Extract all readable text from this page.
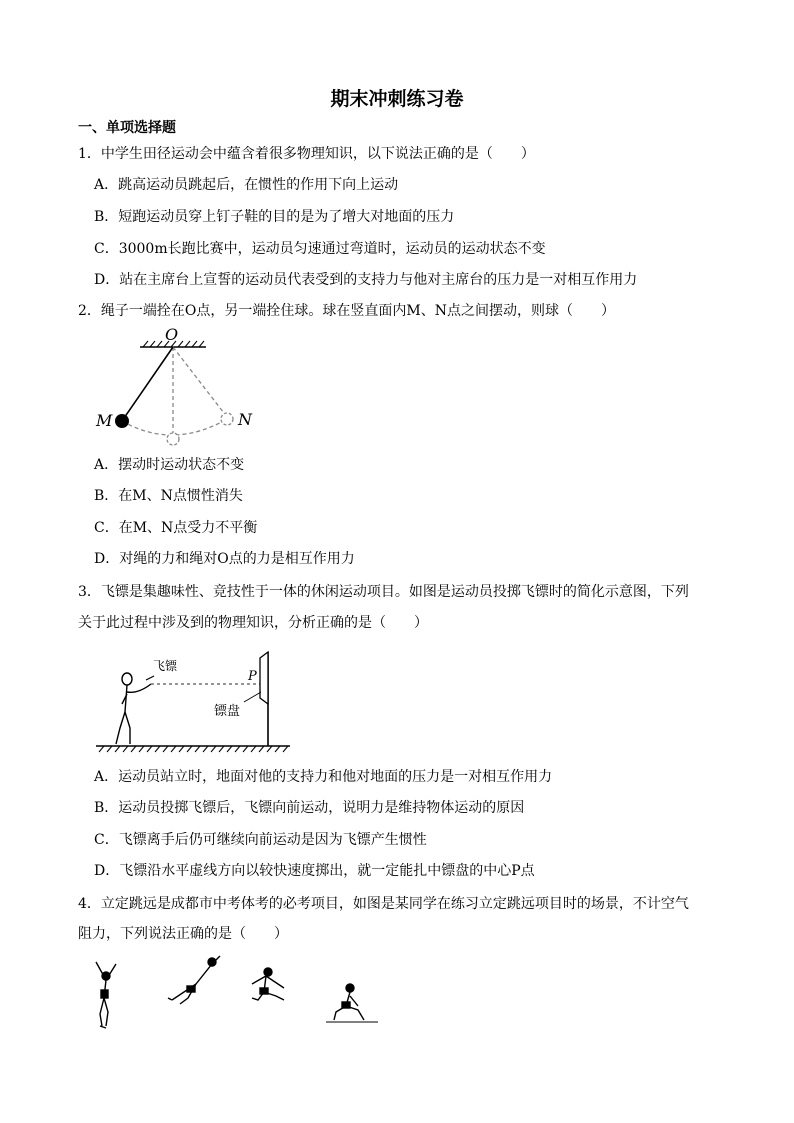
期末冲刺练习卷
一、单项选择题
1．中学生田径运动会中蕴含着很多物理知识，以下说法正确的是（　　）
A．跳高运动员跳起后，在惯性的作用下向上运动
B．短跑运动员穿上钉子鞋的目的是为了增大对地面的压力
C．3000m长跑比赛中，运动员匀速通过弯道时，运动员的运动状态不变
D．站在主席台上宣誓的运动员代表受到的支持力与他对主席台的压力是一对相互作用力
2．绳子一端拴在O点，另一端拴住球。球在竖直面内M、N点之间摆动，则球（　　）
O
M	N
A．摆动时运动状态不变
B．在M、N点惯性消失
C．在M、N点受力不平衡
D．对绳的力和绳对O点的力是相互作用力
3．飞镖是集趣味性、竞技性于一体的休闲运动项目。如图是运动员投掷飞镖时的简化示意图，下列
关于此过程中涉及到的物理知识，分析正确的是（　　）
飞镖
P
镖盘
A．运动员站立时，地面对他的支持力和他对地面的压力是一对相互作用力
B．运动员投掷飞镖后，飞镖向前运动，说明力是维持物体运动的原因
C．飞镖离手后仍可继续向前运动是因为飞镖产生惯性
D．飞镖沿水平虚线方向以较快速度掷出，就一定能扎中镖盘的中心P点
4．立定跳远是成都市中考体考的必考项目，如图是某同学在练习立定跳远项目时的场景，不计空气
阻力，下列说法正确的是（　　）
